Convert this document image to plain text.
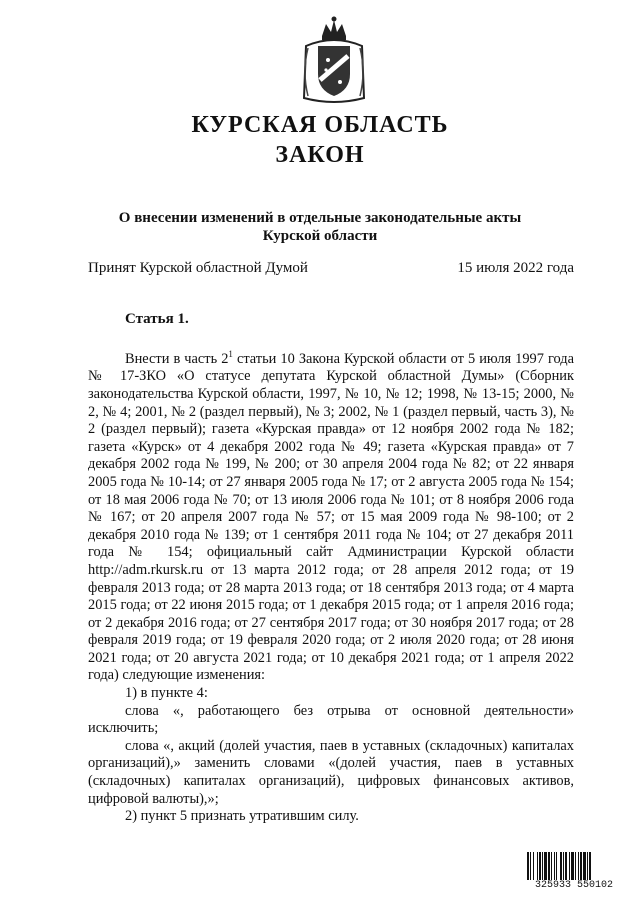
КУРСКАЯ ОБЛАСТЬ
ЗАКОН
О внесении изменений в отдельные законодательные акты
Курской области
Принят Курской областной Думой	15 июля 2022 года
Статья 1.

Внести в часть $2^1$ статьи 10 Закона Курской области от 5 июля 1997 года № 17-ЗКО «О статусе депутата Курской областной Думы» (Сборник законодательства Курской области, 1997, № 10, № 12; 1998, № 13-15; 2000, № 2, № 4; 2001, № 2 (раздел первый), № 3; 2002, № 1 (раздел первый, часть 3), № 2 (раздел первый); газета «Курская правда» от 12 ноября 2002 года № 182; газета «Курск» от 4 декабря 2002 года № 49; газета «Курская правда» от 7 декабря 2002 года № 199, № 200; от 30 апреля 2004 года № 82; от 22 января 2005 года № 10-14; от 27 января 2005 года № 17; от 2 августа 2005 года № 154; от 18 мая 2006 года № 70; от 13 июля 2006 года № 101; от 8 ноября 2006 года № 167; от 20 апреля 2007 года № 57; от 15 мая 2009 года № 98-100; от 2 декабря 2010 года № 139; от 1 сентября 2011 года № 104; от 27 декабря 2011 года № 154; официальный сайт Администрации Курской области http://adm.rkursk.ru от 13 марта 2012 года; от 28 апреля 2012 года; от 19 февраля 2013 года; от 28 марта 2013 года; от 18 сентября 2013 года; от 4 марта 2015 года; от 22 июня 2015 года; от 1 декабря 2015 года; от 1 апреля 2016 года; от 2 декабря 2016 года; от 27 сентября 2017 года; от 30 ноября 2017 года; от 28 февраля 2019 года; от 19 февраля 2020 года; от 2 июля 2020 года; от 28 июня 2021 года; от 20 августа 2021 года; от 10 декабря 2021 года; от 1 апреля 2022 года) следующие изменения:

1) в пункте 4:

слова «, работающего без отрыва от основной деятельности» исключить;

слова «, акций (долей участия, паев в уставных (складочных) капиталах организаций),» заменить словами «(долей участия, паев в уставных (складочных) капиталах организаций), цифровых финансовых активов, цифровой валюты),»;

2) пункт 5 признать утратившим силу.

325933 550102
